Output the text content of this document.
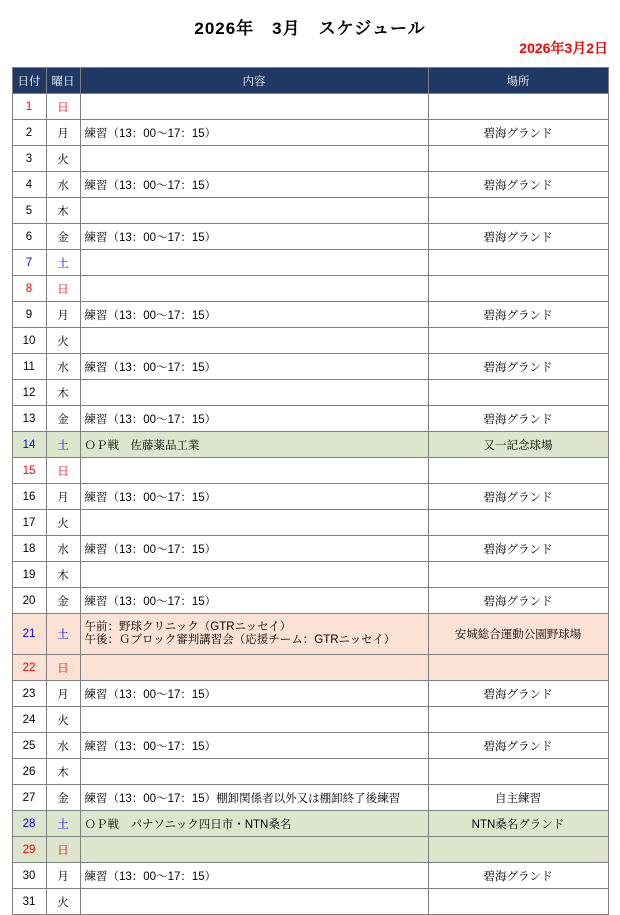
2026年　3月　スケジュール
2026年3月2日
日付	曜日	内容	場所
1	日		
2	月	練習（13：00～17：15）	碧海グランド
3	火		
4	水	練習（13：00～17：15）	碧海グランド
5	木		
6	金	練習（13：00～17：15）	碧海グランド
7	土		
8	日		
9	月	練習（13：00～17：15）	碧海グランド
10	火		
11	水	練習（13：00～17：15）	碧海グランド
12	木		
13	金	練習（13：00～17：15）	碧海グランド
14	土	ＯＰ戦　佐藤薬品工業	又一記念球場
15	日		
16	月	練習（13：00～17：15）	碧海グランド
17	火		
18	水	練習（13：00～17：15）	碧海グランド
19	木		
20	金	練習（13：00～17：15）	碧海グランド
21	土	午前：野球クリニック（GTRニッセイ）
午後：Ｇブロック審判講習会（応援チーム：GTRニッセイ）	安城総合運動公園野球場
22	日		
23	月	練習（13：00～17：15）	碧海グランド
24	火		
25	水	練習（13：00～17：15）	碧海グランド
26	木		
27	金	練習（13：00～17：15）棚卸関係者以外又は棚卸終了後練習	自主練習
28	土	ＯＰ戦　パナソニック四日市・NTN桑名	NTN桑名グランド
29	日		
30	月	練習（13：00～17：15）	碧海グランド
31	火		
